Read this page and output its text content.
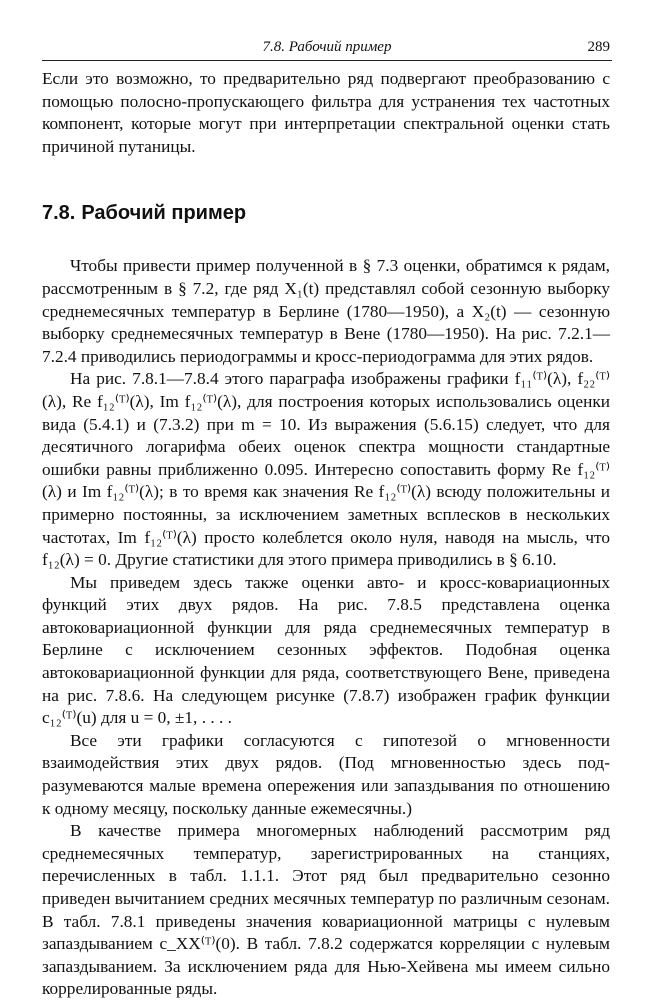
7.8. Рабочий пример	289

Если это возможно, то предварительно ряд подвергают преобразованию с помощью полосно-пропускающего фильтра для устранения тех частотных компонент, которые могут при интерпретации спектральной оценки стать причиной путаницы.

7.8. Рабочий пример

Чтобы привести пример полученной в § 7.3 оценки, обратимся к рядам, рассмотренным в § 7.2, где ряд X₁(t) представлял собой сезонную выборку среднемесячных температур в Берлине (1780—1950), а X₂(t) — сезонную выборку среднемесячных температур в Вене (1780—1950). На рис. 7.2.1—7.2.4 приводились периодограммы и кросс-периодограмма для этих рядов.

На рис. 7.8.1—7.8.4 этого параграфа изображены графики f₁₁⁽ᵀ⁾(λ), f₂₂⁽ᵀ⁾(λ), Re f₁₂⁽ᵀ⁾(λ), Im f₁₂⁽ᵀ⁾(λ), для построения которых использовались оценки вида (5.4.1) и (7.3.2) при m = 10. Из выражения (5.6.15) следует, что для десятичного логарифма обеих оценок спектра мощности стандартные ошибки равны приближенно 0.095. Интересно сопоставить форму Re f₁₂⁽ᵀ⁾(λ) и Im f₁₂⁽ᵀ⁾(λ); в то время как значения Re f₁₂⁽ᵀ⁾(λ) всюду положительны и примерно постоянны, за исключением заметных всплесков в нескольких частотах, Im f₁₂⁽ᵀ⁾(λ) просто колеблется около нуля, наводя на мысль, что f₁₂(λ) = 0. Другие статистики для этого примера приводились в § 6.10.

Мы приведем здесь также оценки авто- и кросс-ковариационных функций этих двух рядов. На рис. 7.8.5 представлена оценка автоковариационной функции для ряда среднемесячных температур в Берлине с исключением сезонных эффектов. Подобная оценка автоковариационной функции для ряда, соответствующего Вене, приведена на рис. 7.8.6. На следующем рисунке (7.8.7) изображен график функции c₁₂⁽ᵀ⁾(u) для u = 0, ±1, . . . .

Все эти графики согласуются с гипотезой о мгновенности взаимодействия этих двух рядов. (Под мгновенностью здесь подразумеваются малые времена опережения или запаздывания по отношению к одному месяцу, поскольку данные ежемесячны.)

В качестве примера многомерных наблюдений рассмотрим ряд среднемесячных температур, зарегистрированных на станциях, перечисленных в табл. 1.1.1. Этот ряд был предварительно сезонно приведен вычитанием средних месячных температур по различным сезонам. В табл. 7.8.1 приведены значения ковариационной матрицы с нулевым запаздыванием c_XX⁽ᵀ⁾(0). В табл. 7.8.2 содержатся корреляции с нулевым запаздыванием. За исключением ряда для Нью-Хейвена мы имеем сильно коррелированные ряды.
